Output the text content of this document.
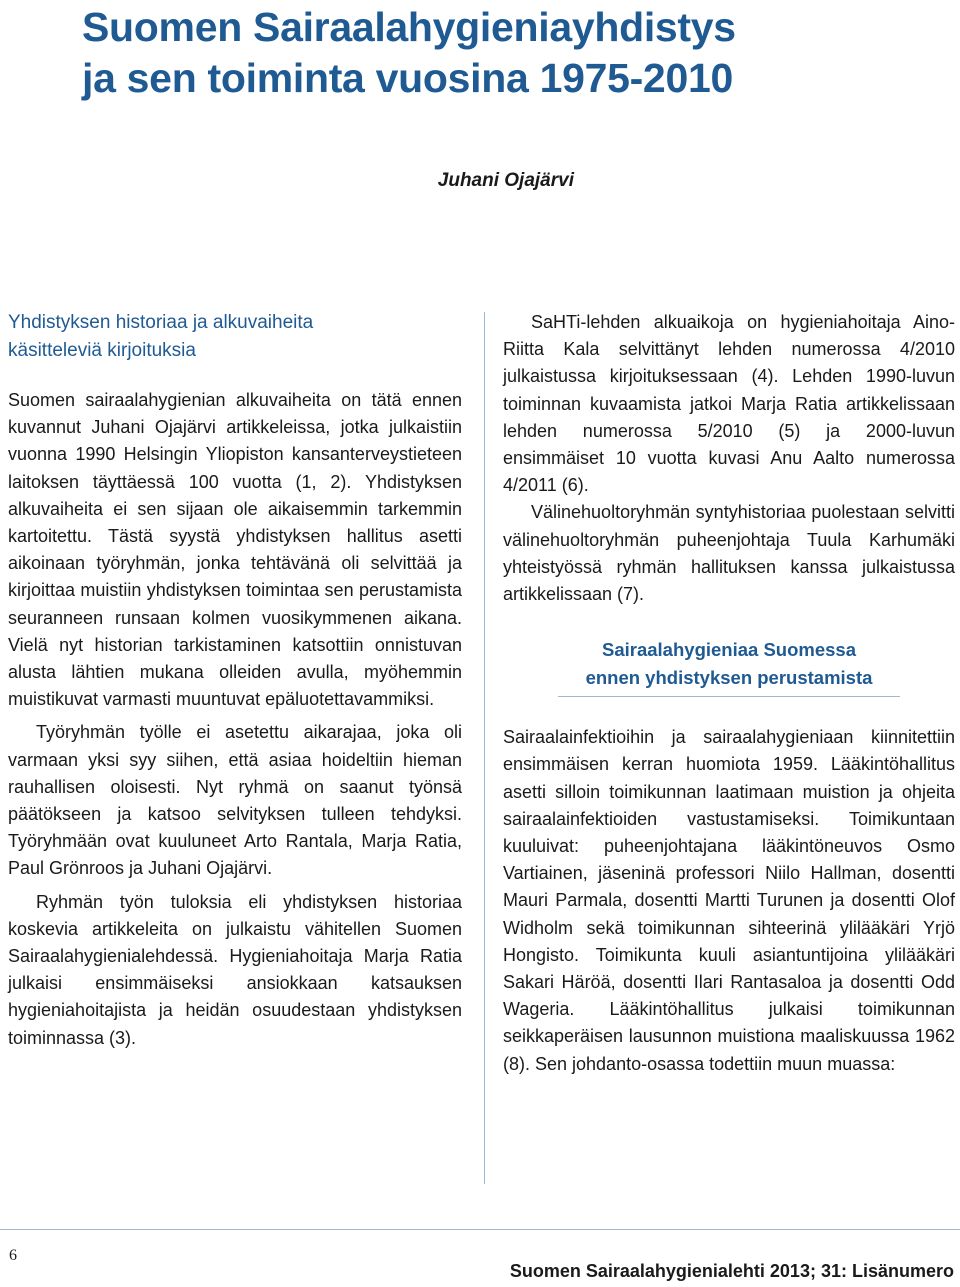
Suomen Sairaalahygieniayhdistys
ja sen toiminta vuosina 1975-2010
Juhani Ojajärvi
Yhdistyksen historiaa ja alkuvaiheita
käsitteleviä kirjoituksia

Suomen sairaalahygienian alkuvaiheita on tätä ennen kuvannut Juhani Ojajärvi artikkeleissa, jotka julkaistiin vuonna 1990 Helsingin Yliopiston kansanterveystieteen laitoksen täyttäessä 100 vuotta (1, 2). Yhdistyksen alkuvaiheita ei sen sijaan ole aikaisemmin tarkemmin kartoitettu. Tästä syystä yhdistyksen hallitus asetti aikoinaan työryhmän, jonka tehtävänä oli selvittää ja kirjoittaa muistiin yhdistyksen toimintaa sen perustamista seuranneen runsaan kolmen vuosikymmenen aikana. Vielä nyt historian tarkistaminen katsottiin onnistuvan alusta lähtien mukana olleiden avulla, myöhemmin muistikuvat varmasti muuntuvat epäluotettavammiksi.

Työryhmän työlle ei asetettu aikarajaa, joka oli varmaan yksi syy siihen, että asiaa hoideltiin hieman rauhallisen oloisesti. Nyt ryhmä on saanut työnsä päätökseen ja katsoo selvityksen tulleen tehdyksi. Työryhmään ovat kuuluneet Arto Rantala, Marja Ratia, Paul Grönroos ja Juhani Ojajärvi.

Ryhmän työn tuloksia eli yhdistyksen historiaa koskevia artikkeleita on julkaistu vähitellen Suomen Sairaalahygienialehdessä. Hygieniahoitaja Marja Ratia julkaisi ensimmäiseksi ansiokkaan katsauksen hygieniahoitajista ja heidän osuudestaan yhdistyksen toiminnassa (3).

SaHTi-lehden alkuaikoja on hygieniahoitaja Aino-Riitta Kala selvittänyt lehden numerossa 4/2010 julkaistussa kirjoituksessaan (4). Lehden 1990-luvun toiminnan kuvaamista jatkoi Marja Ratia artikkelissaan lehden numerossa 5/2010 (5) ja 2000-luvun ensimmäiset 10 vuotta kuvasi Anu Aalto numerossa 4/2011 (6).

Välinehuoltoryhmän syntyhistoriaa puolestaan selvitti välinehuoltoryhmän puheenjohtaja Tuula Karhumäki yhteistyössä ryhmän hallituksen kanssa julkaistussa artikkelissaan (7).

Sairaalahygieniaa Suomessa
ennen yhdistyksen perustamista

Sairaalainfektioihin ja sairaalahygieniaan kiinnitettiin ensimmäisen kerran huomiota 1959. Lääkintöhallitus asetti silloin toimikunnan laatimaan muistion ja ohjeita sairaalainfektioiden vastustamiseksi. Toimikuntaan kuuluivat: puheenjohtajana lääkintöneuvos Osmo Vartiainen, jäseninä professori Niilo Hallman, dosentti Mauri Parmala, dosentti Martti Turunen ja dosentti Olof Widholm sekä toimikunnan sihteerinä ylilääkäri Yrjö Hongisto. Toimikunta kuuli asiantuntijoina ylilääkäri Sakari Häröä, dosentti Ilari Rantasaloa ja dosentti Odd Wageria. Lääkintöhallitus julkaisi toimikunnan seikkaperäisen lausunnon muistiona maaliskuussa 1962 (8). Sen johdanto-osassa todettiin muun muassa:

6
Suomen Sairaalahygienialehti 2013; 31: Lisänumero
